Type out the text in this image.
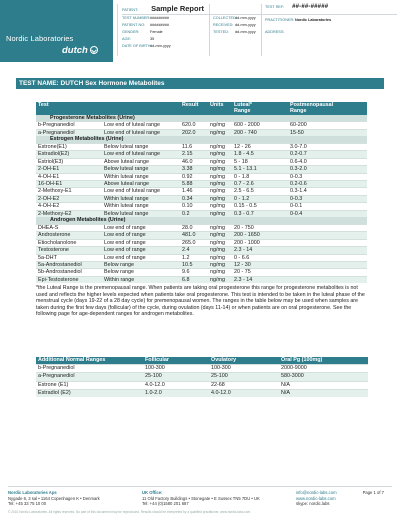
Nordic Laboratories
dutch
PATIENT: Sample Report
TEST NUMBER:#########
PATIENT NO: #########
GENDER:	Female
AGE:	35
DATE OF BIRTH:dd-mm-yyyy
COLLECTED:dd-mm-yyyy
RECEIVED: dd-mm-yyyy
TESTED: dd-mm-yyyy
TEST REF: ##-##-#####
PRACTITIONER:Nordic Laboratories
ADDRESS:
TEST NAME: DUTCH Sex Hormone Metabolites
Test		Result	Units	Luteal*	Postmenopausal
				Range	Range
Progesterone Metabolites (Urine)					
b-Pregnanediol	Low end of luteal range	620.0	ng/mg	600 - 2000	60-200
a-Pregnanediol	Low end of luteal range	202.0	ng/mg	200 - 740	15-50
Estrogen Metabolites (Urine)					
Estrone(E1)	Below luteal range	11.6	ng/mg	12 - 26	3.0-7.0
Estradiol(E2)	Low end of luteal range	2.15	ng/mg	1.8 - 4.5	0.2-0.7
Estriol(E3)	Above luteal range	46.0	ng/mg	5 - 18	0.6-4.0
2-OH-E1	Below luteal range	3.38	ng/mg	5.1 - 13.1	0.3-2.0
4-OH-E1	Within luteal range	0.92	ng/mg	0 - 1.8	0-0.3
16-OH-E1	Above luteal range	5.88	ng/mg	0.7 - 2.6	0.2-0.6
2-Methoxy-E1	Low end of luteal range	1.46	ng/mg	2.5 - 6.5	0.3-1.4
2-OH-E2	Within luteal range	0.34	ng/mg	0 - 1.2	0-0.3
4-OH-E2	Within luteal range	0.10	ng/mg	0.15 - 0.5	0-0.1
2-Methoxy-E2	Below luteal range	0.2	ng/mg	0.3 - 0.7	0-0.4
Androgen Metabolites (Urine)					
DHEA-S	Low end of range	28.0	ng/mg	20 - 750	
Androsterone	Low end of range	481.0	ng/mg	200 - 1650	
Etiocholanolone	Low end of range	265.0	ng/mg	200 - 1000	
Testosterone	Low end of range	2.4	ng/mg	2.3 - 14	
5a-DHT	Low end of range	1.2	ng/mg	0 - 6.6	
5a-Androstanediol	Below range	10.5	ng/mg	12 - 30	
5b-Androstanediol	Below range	9.6	ng/mg	20 - 75	
Epi-Testosterone	Within range	6.8	ng/mg	2.3 - 14	
*the Luteal Range is the premenopausal range. When patients are taking oral progesterone this range for progesterone metabolites is not used and reflects the higher levels expected when patients take oral progesterone. This test is intended to be taken in the luteal phase of the menstrual cycle (days 19-22 of a 28 day cycle) for premenopausal women. The ranges in the table below may be used when samples are taken during the first few days (follicular) of the cycle, during ovulation (days 11-14) or when patients are on oral progesterone. See the following page for age-dependent ranges for androgen metabolites.
Additional Normal Ranges	Follicular	Ovulatory	Oral Pg (100mg)
b-Pregnanediol	100-300	100-300	2000-9000
a-Pregnanediol	25-100	25-100	580-3000
Estrone (E1)	4.0-12.0	22-68	N/A
Estradiol (E2)	1.0-2.0	4.0-12.0	N/A
Nordic Laboratories Aps
Nygade 6, 3 sal • 1164 Copenhagen K • Denmark
Tel: +45 33 75 10 00
UK Office:
11 Old Factory Buildings • Stonegate • E Sussex TN5 7DU • UK
Tel: +44 (0)1580 201 687
info@nordic-labs.com
www.nordic-labs.com
skype: nordic.labs
Page 1 of 7
© 2016 Nordic Laboratories. All rights reserved. No part of this document may be reproduced. Results should be interpreted by a qualified practitioner. www.nordic-labs.com
